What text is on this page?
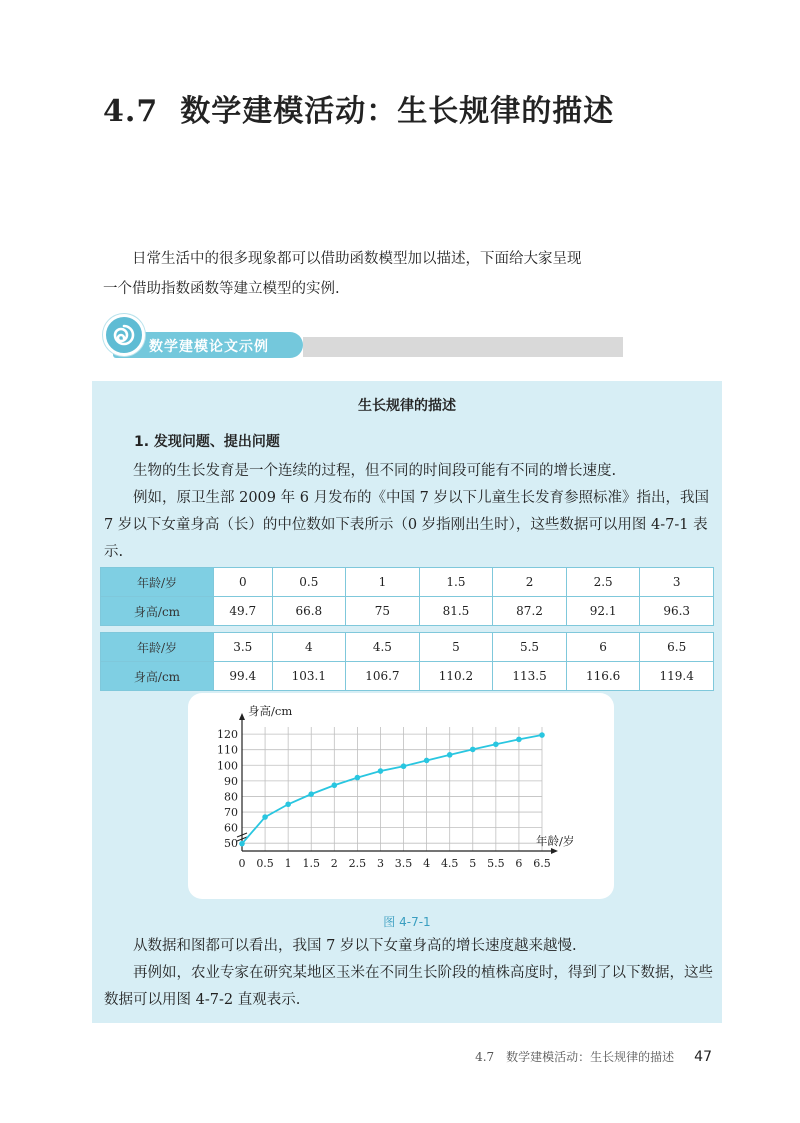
4.7 数学建模活动：生长规律的描述

日常生活中的很多现象都可以借助函数模型加以描述，下面给大家呈现

一个借助指数函数等建立模型的实例.

数学建模论文示例
生长规律的描述
1. 发现问题、提出问题

生物的生长发育是一个连续的过程，但不同的时间段可能有不同的增长速度.

例如，原卫生部 2009 年 6 月发布的《中国 7 岁以下儿童生长发育参照标准》指出，我国 7 岁以下女童身高（长）的中位数如下表所示（0 岁指刚出生时），这些数据可以用图 4-7-1 表示.

年龄/岁	0	0.5	1	1.5	2	2.5	3
身高/cm	49.7	66.8	75	81.5	87.2	92.1	96.3

年龄/岁	3.5	4	4.5	5	5.5	6	6.5
身高/cm	99.4	103.1	106.7	110.2	113.5	116.6	119.4
0 0.5 1 1.5 2 2.5 3 3.5 4 4.5 5 5.5 6 6.5
50
60
70
80
90
100
110
120
身高/cm
年龄/岁
图 4-7-1

从数据和图都可以看出，我国 7 岁以下女童身高的增长速度越来越慢.

再例如，农业专家在研究某地区玉米在不同生长阶段的植株高度时，得到了以下数据，这些数据可以用图 4-7-2 直观表示.

4.7　数学建模活动：生长规律的描述 47
